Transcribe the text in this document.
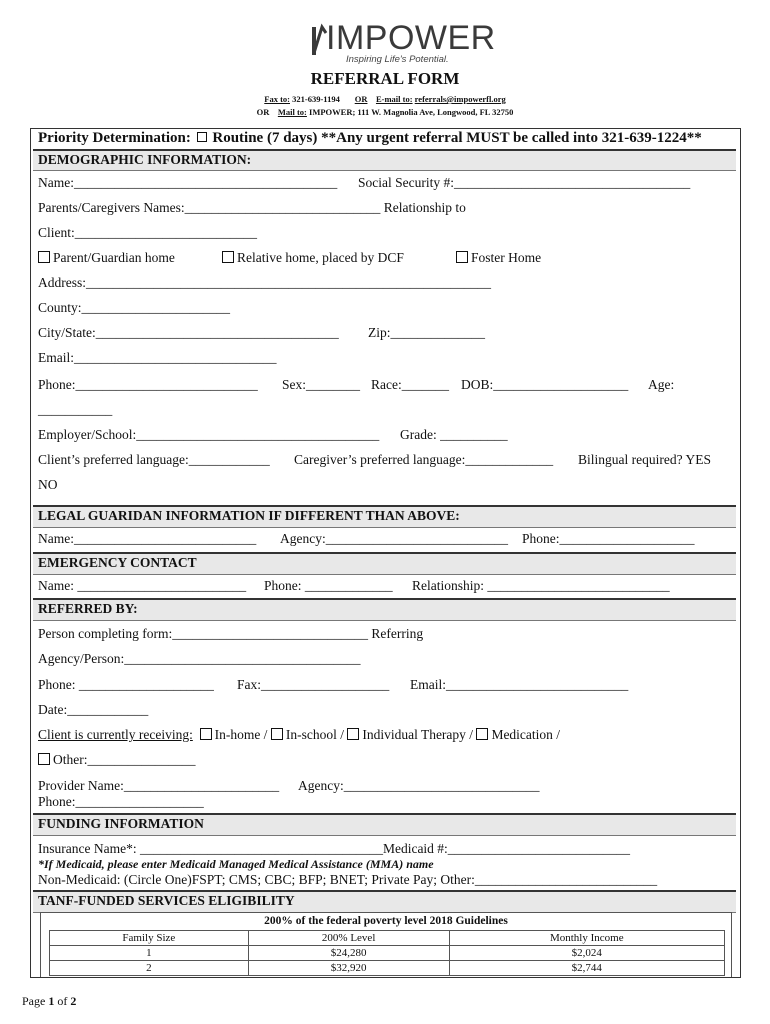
IMPOWER
Inspiring Life's Potential.
REFERRAL FORM
Fax to: 321-639-1194 OR E-mail to: referrals@impowerfl.org
OR Mail to: IMPOWER; 111 W. Magnolia Ave, Longwood, FL 32750
Priority Determination: Routine (7 days) **Any urgent referral MUST be called into 321-639-1224**
DEMOGRAPHIC INFORMATION:
Name:_______________________________________ Social Security #:___________________________________
Parents/Caregivers Names:_____________________________ Relationship to
Client:___________________________
Parent/Guardian home	Relative home, placed by DCF	Foster Home
Address:____________________________________________________________
County:______________________
City/State:____________________________________ Zip:______________
Email:______________________________
Phone:___________________________ Sex:________ Race:_______ DOB:____________________ Age:
___________
Employer/School:____________________________________ Grade: __________
Client’s preferred language:____________ Caregiver’s preferred language:_____________ Bilingual required? YES
NO
LEGAL GUARIDAN INFORMATION IF DIFFERENT THAN ABOVE:
Name:___________________________ Agency:___________________________ Phone:____________________
EMERGENCY CONTACT
Name: _________________________ Phone: _____________ Relationship: ___________________________
REFERRED BY:
Person completing form:_____________________________ Referring
Agency/Person:___________________________________
Phone: ____________________ Fax:___________________ Email:___________________________
Date:____________
Client is currently receiving: In-home / In-school / Individual Therapy / Medication /
Other:________________
Provider Name:_______________________ Agency:_____________________________
Phone:___________________
FUNDING INFORMATION
Insurance Name*: ____________________________________Medicaid #:___________________________
*If Medicaid, please enter Medicaid Managed Medical Assistance (MMA) name
Non-Medicaid: (Circle One)FSPT; CMS; CBC; BFP; BNET; Private Pay; Other:___________________________
TANF-FUNDED SERVICES ELIGIBILITY
200% of the federal poverty level 2018 Guidelines
Family Size	200% Level	Monthly Income
1	$24,280	$2,024
2	$32,920	$2,744
Page 1 of 2
